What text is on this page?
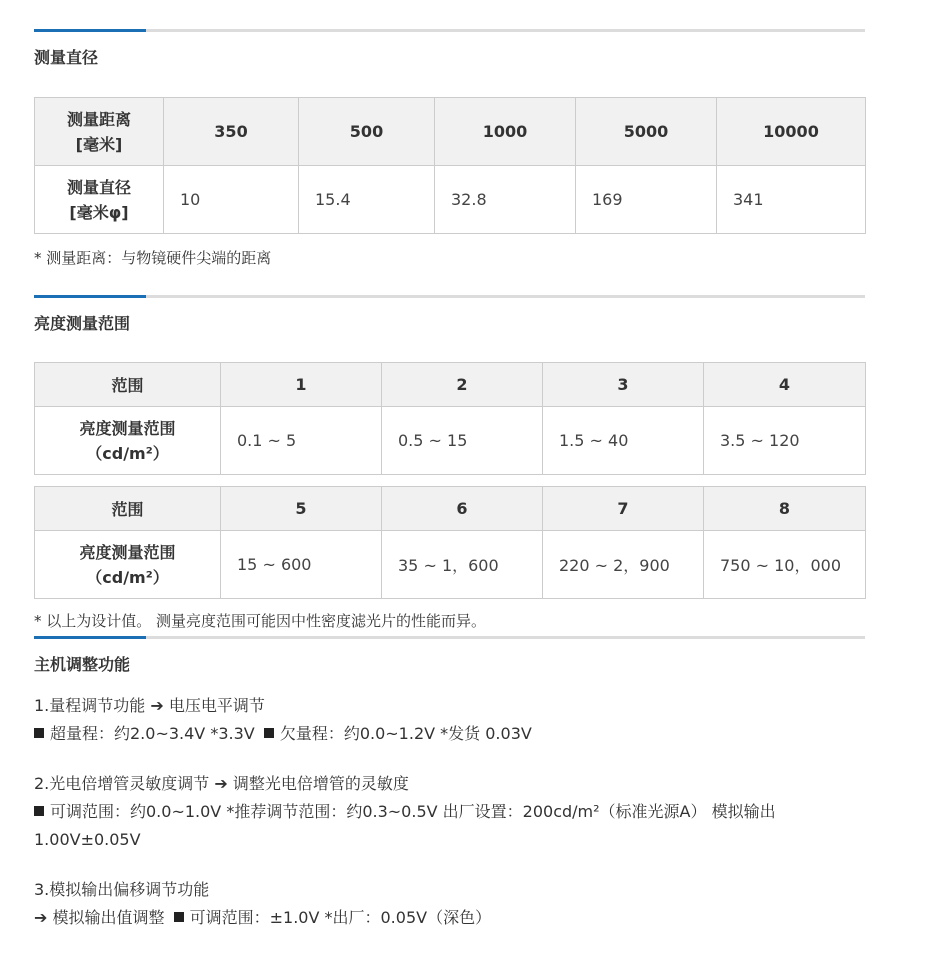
测量直径
测量距离
[毫米]	350	500	1000	5000	10000

测量直径
[毫米φ]	10	15.4	32.8	169	341
* 测量距离：与物镜硬件尖端的距离
亮度测量范围
范围	1	2	3	4

亮度测量范围
（cd/m²）	0.1 ~ 5	0.5 ~ 15	1.5 ~ 40	3.5 ~ 120
范围	5	6	7	8

亮度测量范围
（cd/m²）	15 ~ 600	35 ~ 1，600	220 ~ 2，900	750 ~ 10，000
* 以上为设计值。 测量亮度范围可能因中性密度滤光片的性能而异。
主机调整功能
1.量程调节功能 ➔ 电压电平调节
超量程：约2.0~3.4V *3.3V 欠量程：约0.0~1.2V *发货 0.03V
2.光电倍增管灵敏度调节 ➔ 调整光电倍增管的灵敏度
可调范围：约0.0~1.0V *推荐调节范围：约0.3~0.5V 出厂设置：200cd/m²（标准光源A） 模拟输出 1.00V±0.05V
3.模拟输出偏移调节功能
➔ 模拟输出值调整 可调范围：±1.0V *出厂：0.05V（深色）
